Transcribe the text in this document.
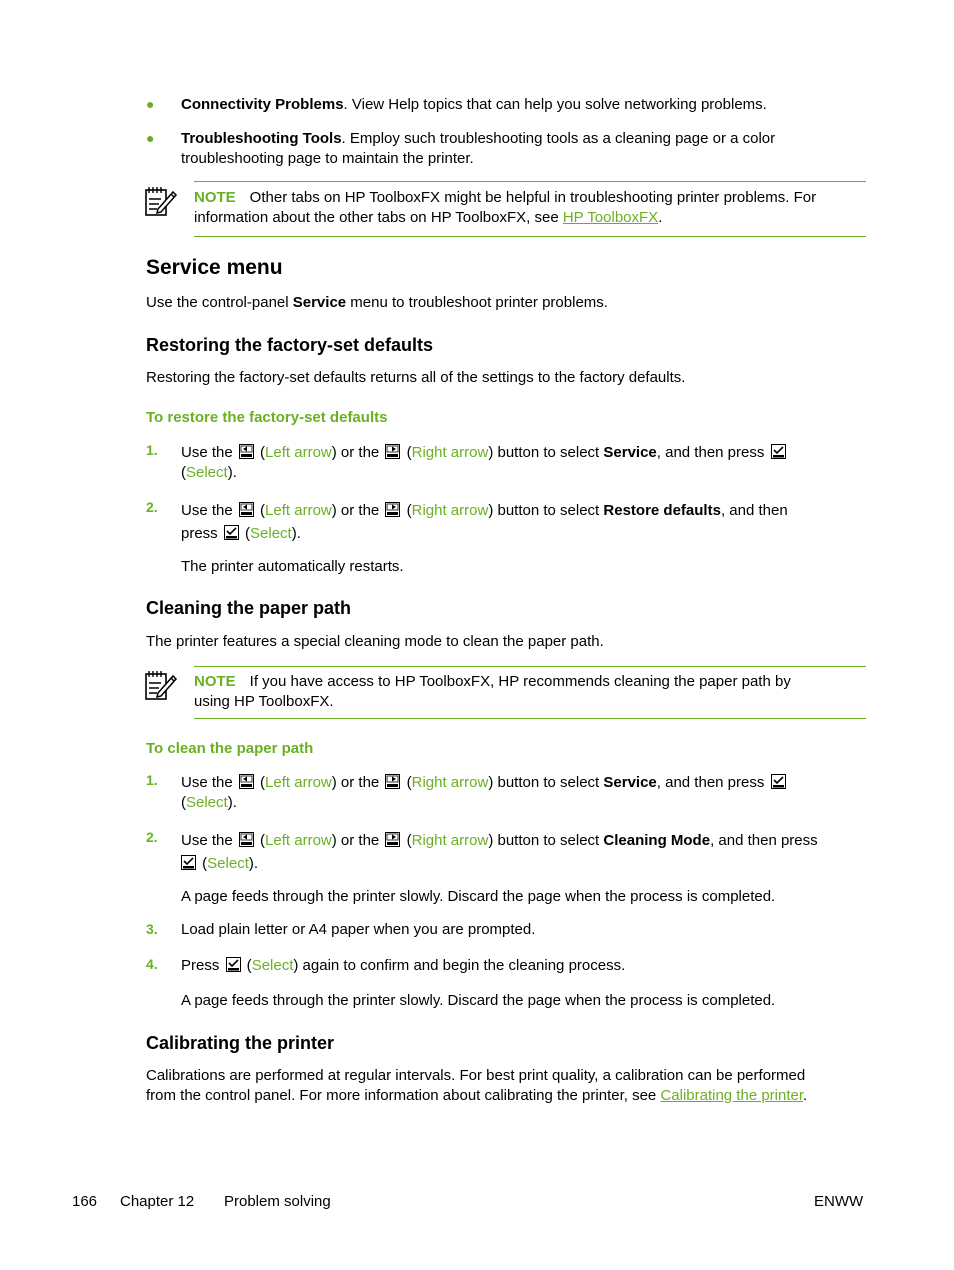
● Connectivity Problems. View Help topics that can help you solve networking problems.

● Troubleshooting Tools. Employ such troubleshooting tools as a cleaning page or a color
troubleshooting page to maintain the printer.

NOTE Other tabs on HP ToolboxFX might be helpful in troubleshooting printer problems. For
information about the other tabs on HP ToolboxFX, see HP ToolboxFX.
Service menu

Use the control-panel Service menu to troubleshoot printer problems.

Restoring the factory-set defaults

Restoring the factory-set defaults returns all of the settings to the factory defaults.

To restore the factory-set defaults
1. Use the  (Left arrow) or the  (Right arrow) button to select Service, and then press
(Select).

2. Use the  (Left arrow) or the  (Right arrow) button to select Restore defaults, and then
press  (Select).

The printer automatically restarts.

Cleaning the paper path

The printer features a special cleaning mode to clean the paper path.

NOTE If you have access to HP ToolboxFX, HP recommends cleaning the paper path by
using HP ToolboxFX.
To clean the paper path
1. Use the  (Left arrow) or the  (Right arrow) button to select Service, and then press
(Select).

2. Use the  (Left arrow) or the  (Right arrow) button to select Cleaning Mode, and then press
(Select).

A page feeds through the printer slowly. Discard the page when the process is completed.

3. Load plain letter or A4 paper when you are prompted.

4. Press  (Select) again to confirm and begin the cleaning process.

A page feeds through the printer slowly. Discard the page when the process is completed.

Calibrating the printer

Calibrations are performed at regular intervals. For best print quality, a calibration can be performed
from the control panel. For more information about calibrating the printer, see Calibrating the printer.

166 Chapter 12 Problem solving	ENWW
